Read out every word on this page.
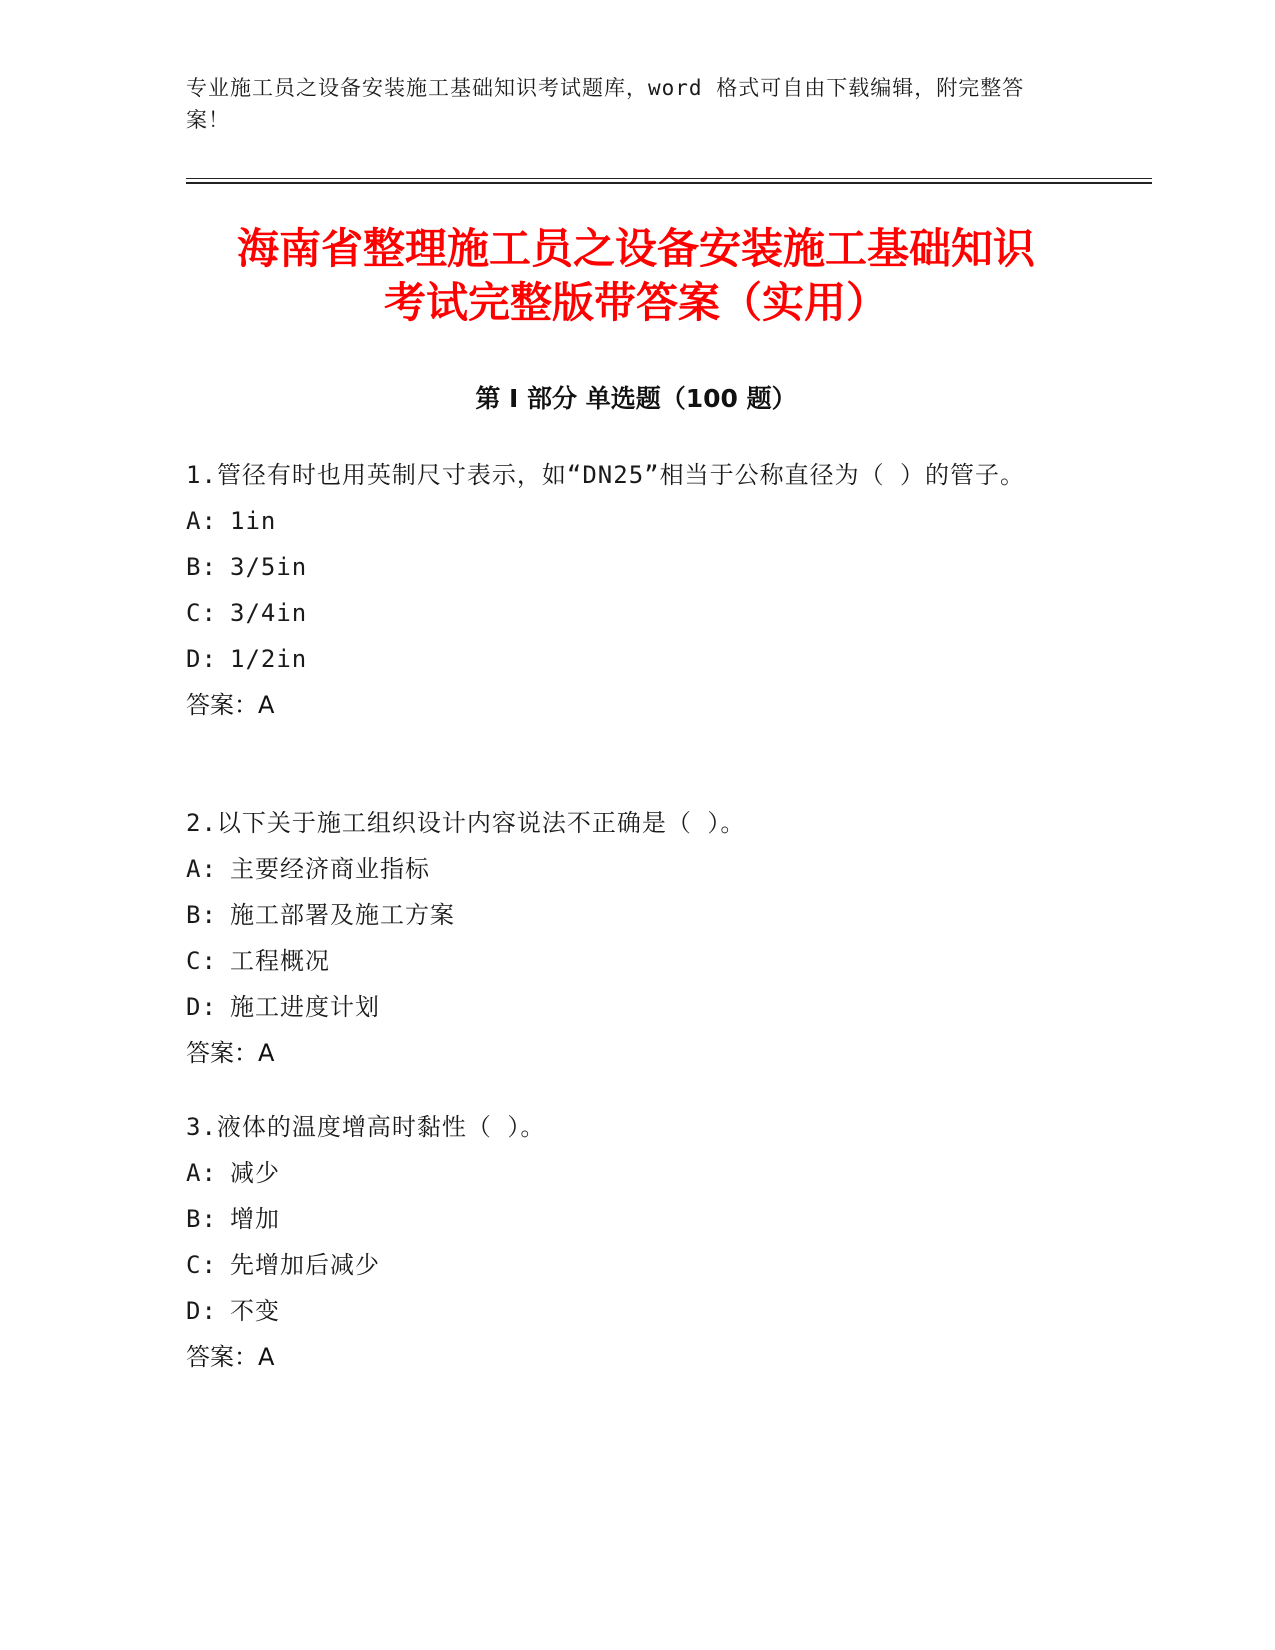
专业施工员之设备安装施工基础知识考试题库，word 格式可自由下载编辑，附完整答案！
海南省整理施工员之设备安装施工基础知识
考试完整版带答案（实用）
第 I 部分 单选题（100 题）

1.管径有时也用英制尺寸表示，如“DN25”相当于公称直径为（ ）的管子。

A: 1in

B: 3/5in

C: 3/4in

D: 1/2in

答案：A

2.以下关于施工组织设计内容说法不正确是（ ）。

A: 主要经济商业指标

B: 施工部署及施工方案

C: 工程概况

D: 施工进度计划

答案：A

3.液体的温度增高时黏性（ ）。

A: 减少

B: 增加

C: 先增加后减少

D: 不变

答案：A
